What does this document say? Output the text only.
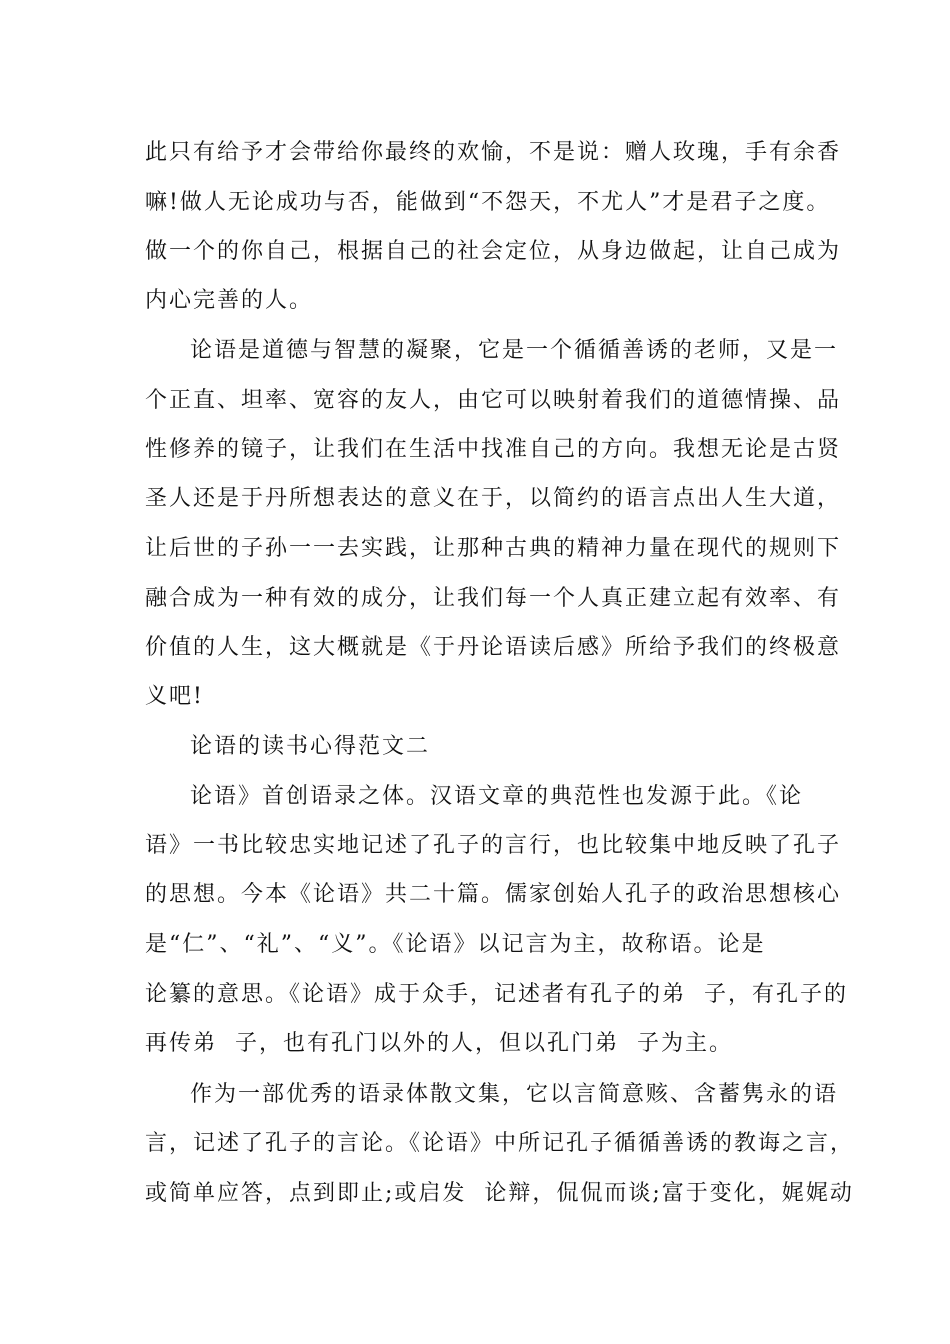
此只有给予才会带给你最终的欢愉，不是说：赠人玫瑰，手有余香
嘛!做人无论成功与否，能做到“不怨天，不尤人”才是君子之度。
做一个的你自己，根据自己的社会定位，从身边做起，让自己成为
内心完善的人。
论语是道德与智慧的凝聚，它是一个循循善诱的老师，又是一
个正直、坦率、宽容的友人，由它可以映射着我们的道德情操、品
性修养的镜子，让我们在生活中找准自己的方向。我想无论是古贤
圣人还是于丹所想表达的意义在于，以简约的语言点出人生大道，
让后世的子孙一一去实践，让那种古典的精神力量在现代的规则下
融合成为一种有效的成分，让我们每一个人真正建立起有效率、有
价值的人生，这大概就是《于丹论语读后感》所给予我们的终极意
义吧!
论语的读书心得范文二
论语》首创语录之体。汉语文章的典范性也发源于此。《论
语》一书比较忠实地记述了孔子的言行，也比较集中地反映了孔子
的思想。今本《论语》共二十篇。儒家创始人孔子的政治思想核心
是“仁”、“礼”、“义”。《论语》以记言为主，故称语。论是
论纂的意思。《论语》成于众手，记述者有孔子的弟  子，有孔子的
再传弟  子，也有孔门以外的人，但以孔门弟  子为主。
作为一部优秀的语录体散文集，它以言简意赅、含蓄隽永的语
言，记述了孔子的言论。《论语》中所记孔子循循善诱的教诲之言，
或简单应答，点到即止;或启发  论辩，侃侃而谈;富于变化，娓娓动
